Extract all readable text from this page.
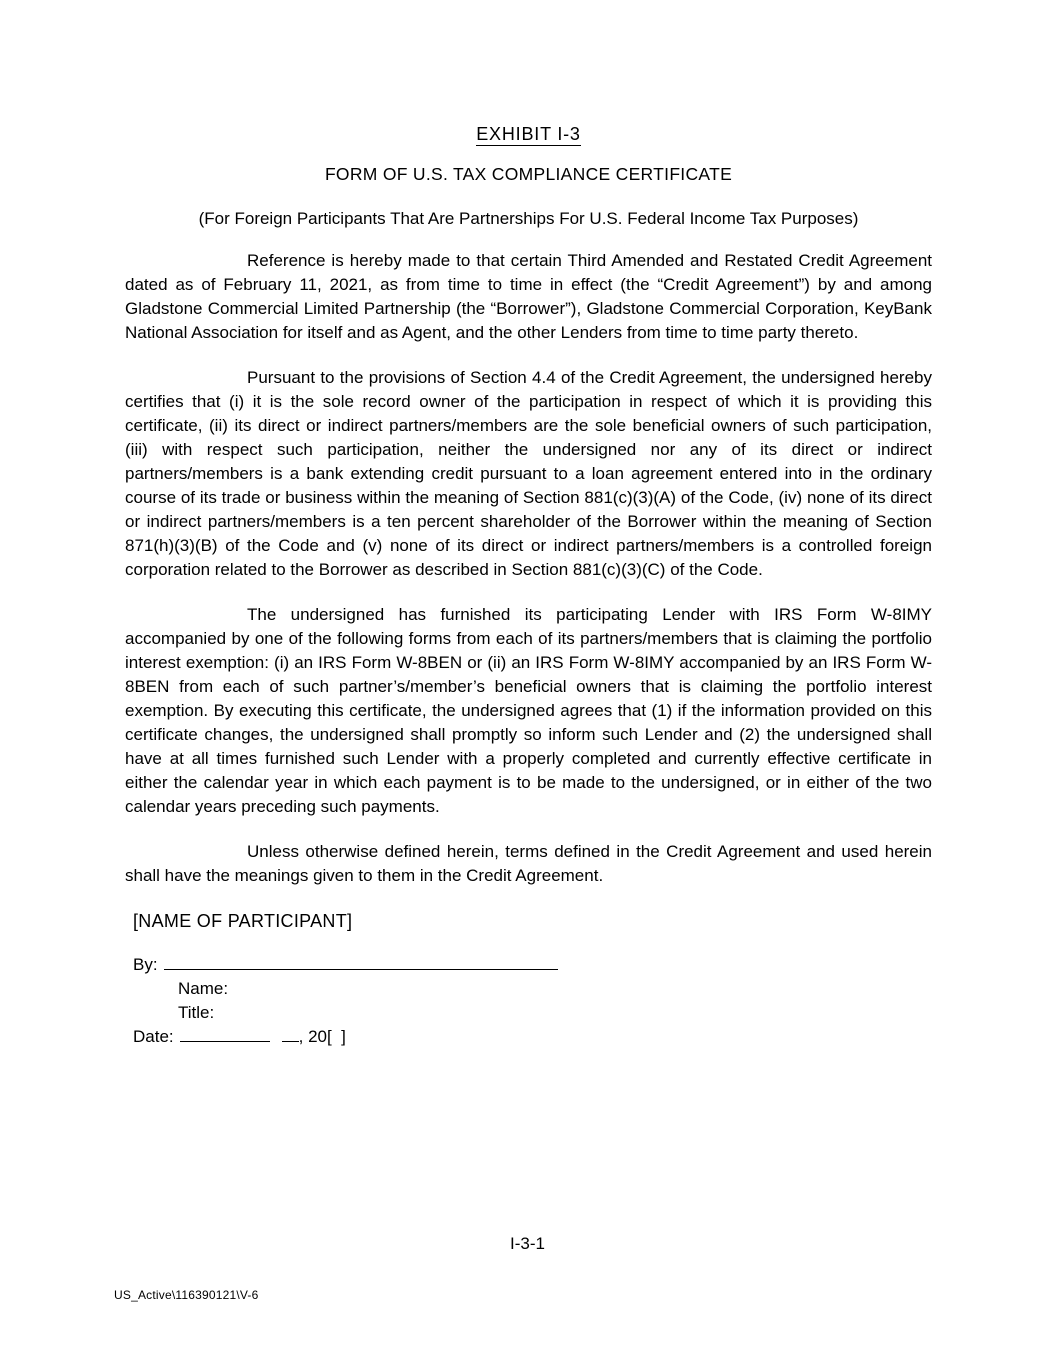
EXHIBIT I-3
FORM OF U.S. TAX COMPLIANCE CERTIFICATE

(For Foreign Participants That Are Partnerships For U.S. Federal Income Tax Purposes)

Reference is hereby made to that certain Third Amended and Restated Credit Agreement dated as of February 11, 2021, as from time to time in effect (the “Credit Agreement”) by and among Gladstone Commercial Limited Partnership (the “Borrower”), Gladstone Commercial Corporation, KeyBank National Association for itself and as Agent, and the other Lenders from time to time party thereto.

Pursuant to the provisions of Section 4.4 of the Credit Agreement, the undersigned hereby certifies that (i) it is the sole record owner of the participation in respect of which it is providing this certificate, (ii) its direct or indirect partners/members are the sole beneficial owners of such participation, (iii) with respect such participation, neither the undersigned nor any of its direct or indirect partners/members is a bank extending credit pursuant to a loan agreement entered into in the ordinary course of its trade or business within the meaning of Section 881(c)(3)(A) of the Code, (iv) none of its direct or indirect partners/members is a ten percent shareholder of the Borrower within the meaning of Section 871(h)(3)(B) of the Code and (v) none of its direct or indirect partners/members is a controlled foreign corporation related to the Borrower as described in Section 881(c)(3)(C) of the Code.

The undersigned has furnished its participating Lender with IRS Form W-8IMY accompanied by one of the following forms from each of its partners/members that is claiming the portfolio interest exemption: (i) an IRS Form W-8BEN or (ii) an IRS Form W-8IMY accompanied by an IRS Form W-8BEN from each of such partner’s/member’s beneficial owners that is claiming the portfolio interest exemption. By executing this certificate, the undersigned agrees that (1) if the information provided on this certificate changes, the undersigned shall promptly so inform such Lender and (2) the undersigned shall have at all times furnished such Lender with a properly completed and currently effective certificate in either the calendar year in which each payment is to be made to the undersigned, or in either of the two calendar years preceding such payments.

Unless otherwise defined herein, terms defined in the Credit Agreement and used herein shall have the meanings given to them in the Credit Agreement.

[NAME OF PARTICIPANT]
By:
Name:
Title:
Date:	, 20[  ]
I-3-1
US_Active\116390121\V-6
